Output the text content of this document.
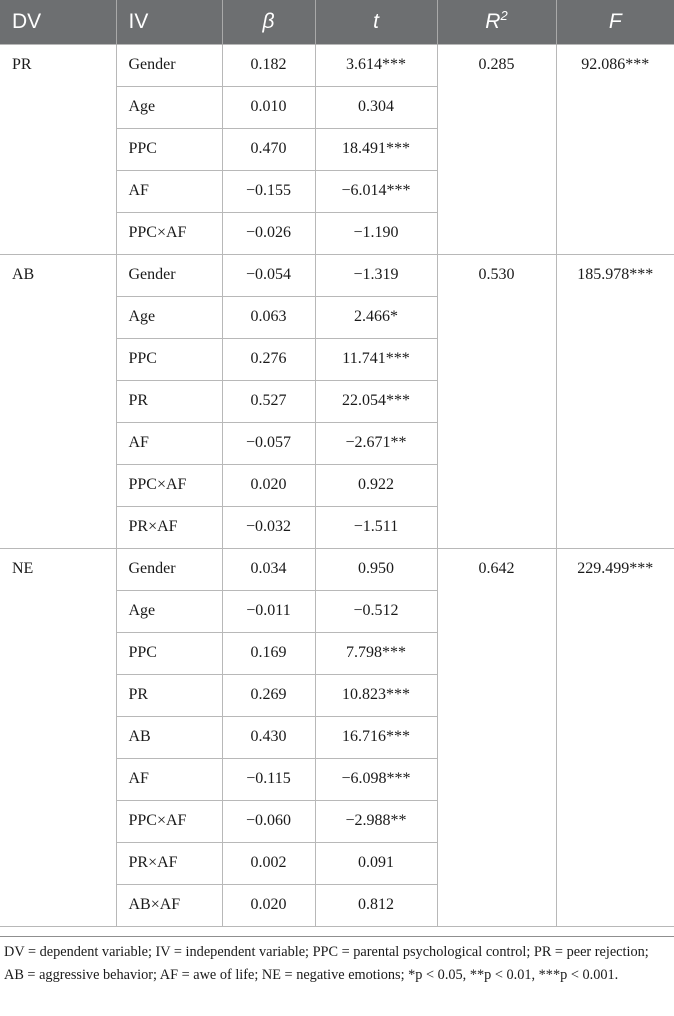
DV	IV	β	t	$R^2$	F
PR	Gender	0.182	3.614***	0.285	92.086***
	Age	0.010	0.304		
	PPC	0.470	18.491***		
	AF	−0.155	−6.014***		
	PPC×AF	−0.026	−1.190		
AB	Gender	−0.054	−1.319	0.530	185.978***
	Age	0.063	2.466*		
	PPC	0.276	11.741***		
	PR	0.527	22.054***		
	AF	−0.057	−2.671**		
	PPC×AF	0.020	0.922		
	PR×AF	−0.032	−1.511		
NE	Gender	0.034	0.950	0.642	229.499***
	Age	−0.011	−0.512		
	PPC	0.169	7.798***		
	PR	0.269	10.823***		
	AB	0.430	16.716***		
	AF	−0.115	−6.098***		
	PPC×AF	−0.060	−2.988**		
	PR×AF	0.002	0.091		
	AB×AF	0.020	0.812		
DV = dependent variable; IV = independent variable; PPC = parental psychological control; PR = peer rejection; AB = aggressive behavior; AF = awe of life; NE = negative emotions; *p < 0.05, **p < 0.01, ***p < 0.001.
